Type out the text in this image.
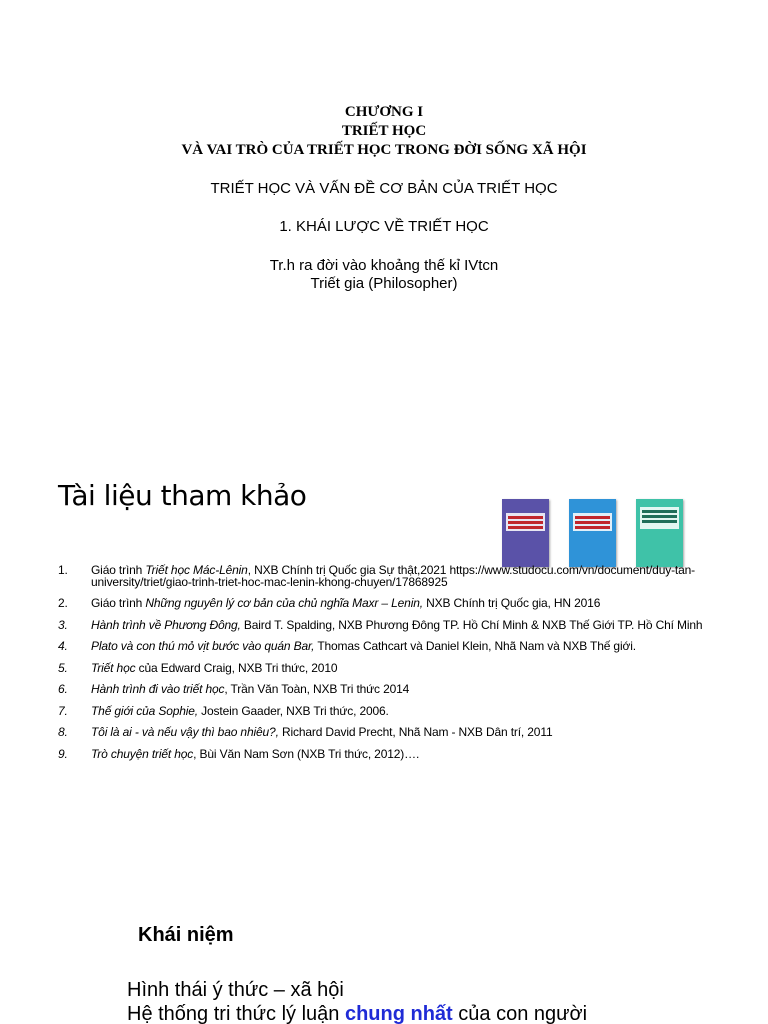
CHƯƠNG I
TRIẾT HỌC
VÀ VAI TRÒ CỦA TRIẾT HỌC TRONG ĐỜI SỐNG XÃ HỘI
TRIẾT HỌC VÀ VẤN ĐỀ CƠ BẢN CỦA TRIẾT HỌC
1. KHÁI LƯỢC VỀ TRIẾT HỌC
Tr.h ra đời vào khoảng thế kỉ IVtcn
Triết gia (Philosopher)
Tài liệu tham khảo
1. Giáo trình Triết học Mác-Lênin, NXB Chính trị Quốc gia Sự thật,2021 https://www.studocu.com/vn/document/duy-tan-university/triet/giao-trinh-triet-hoc-mac-lenin-khong-chuyen/17868925
2. Giáo trình Những nguyên lý cơ bản của chủ nghĩa Maxr – Lenin, NXB Chính trị Quốc gia, HN 2016
3. Hành trình về Phương Đông, Baird T. Spalding, NXB Phương Đông TP. Hồ Chí Minh & NXB Thế Giới TP. Hồ Chí Minh
4. Plato và con thú mỏ vịt bước vào quán Bar, Thomas Cathcart và Daniel Klein, Nhã Nam và NXB Thế giới.
5. Triết học của Edward Craig, NXB Tri thức, 2010
6. Hành trình đi vào triết học, Trần Văn Toàn, NXB Tri thức 2014
7. Thế giới của Sophie, Jostein Gaader, NXB Tri thức, 2006.
8. Tôi là ai - và nếu vậy thì bao nhiêu?, Richard David Precht, Nhã Nam - NXB Dân trí, 2011
9. Trò chuyện triết học, Bùi Văn Nam Sơn (NXB Tri thức, 2012)….
Khái niệm
Hình thái ý thức – xã hội
Hệ thống tri thức lý luận chung nhất của con người
